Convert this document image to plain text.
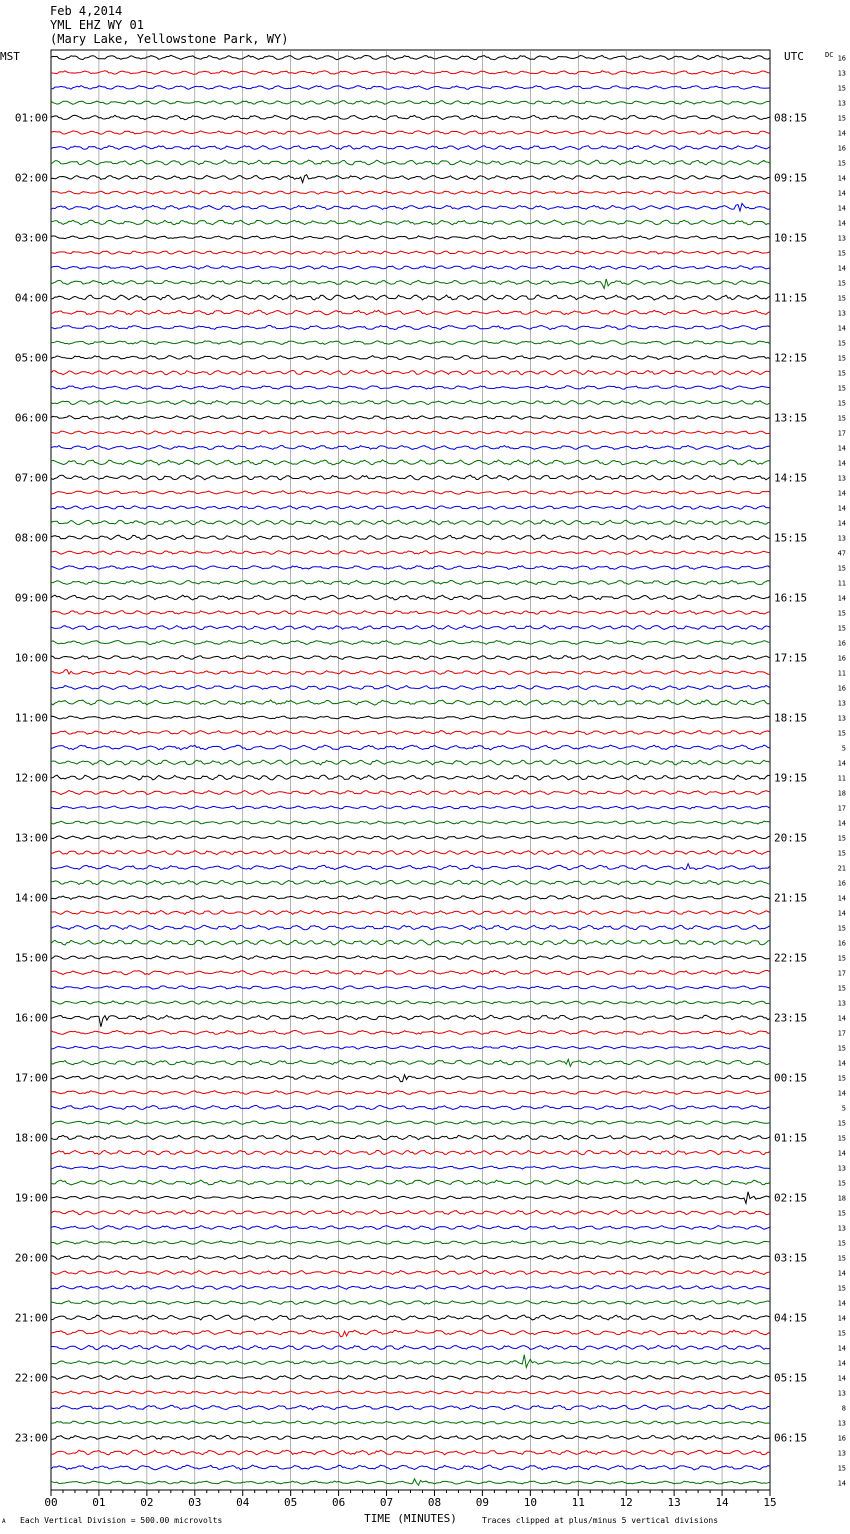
Feb 4,2014
YML EHZ WY 01
(Mary Lake, Yellowstone Park, WY)
MST	UTC
00	01	02	03	04	05	06	07	08	09	10	11	12	13	14	15
TIME (MINUTES)
DC 16
13
15
13
15
01:00	08:15
14
16
15
14
02:00	09:15
14
14
14
13
03:00	10:15
15
14
15
15
04:00	11:15
13
14
15
15
05:00	12:15
15
15
15
15
06:00	13:15
17
14
14
13
07:00	14:15
14
14
14
13
08:00	15:15
47
15
11
14
09:00	16:15
15
15
16
16
10:00	17:15
11
16
13
13
11:00	18:15
15
5
14
11
12:00	19:15
18
17
14
15
13:00	20:15
15
21
16
14
14:00	21:15
14
15
16
15
15:00	22:15
17
15
13
14
16:00	23:15
17
15
14
15
17:00	00:15
14
5
15
15
18:00	01:15
14
13
15
18
19:00	02:15
15
13
15
15
20:00	03:15
14
15
14
14
21:00	04:15
15
14
14
14
22:00	05:15
13
8
13
16
23:00	06:15
13
15
14
A Each Vertical Division = 500.00 microvolts	Traces clipped at plus/minus 5 vertical divisions
